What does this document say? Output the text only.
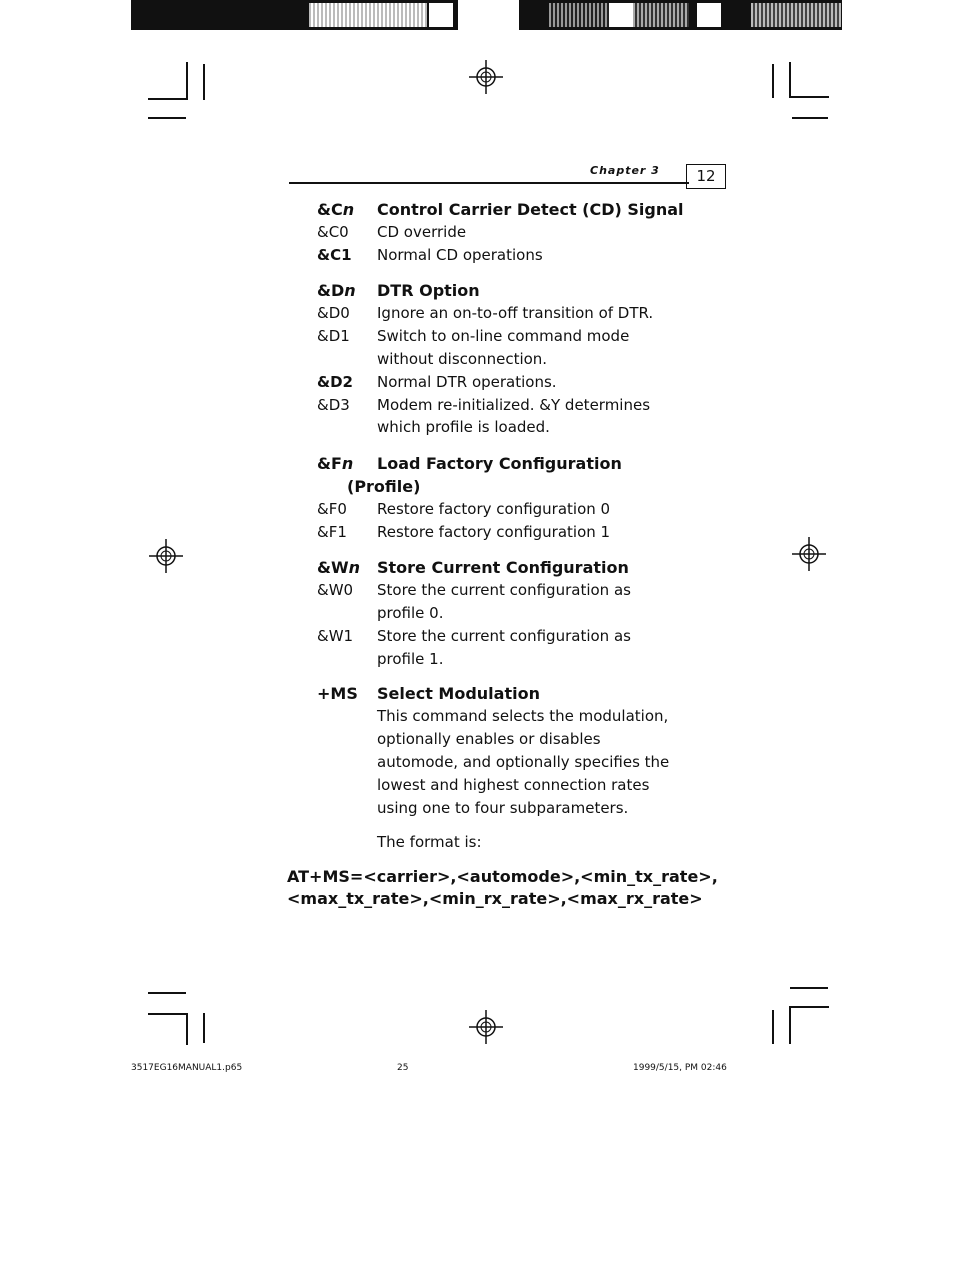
Chapter 3	12
&Cn Control Carrier Detect (CD) Signal
&C0 CD override
&C1 Normal CD operations
&Dn DTR Option
&D0 Ignore an on-to-off transition of DTR.
&D1 Switch to on-line command mode
without disconnection.
&D2 Normal DTR operations.
&D3 Modem re-initialized. &Y determines
which profile is loaded.
&Fn Load Factory Configuration
(Profile)
&F0 Restore factory configuration 0
&F1 Restore factory configuration 1
&Wn Store Current Configuration
&W0 Store the current configuration as
profile 0.
&W1 Store the current configuration as
profile 1.
+MS Select Modulation
This command selects the modulation,
optionally enables or disables
automode, and optionally specifies the
lowest and highest connection rates
using one to four subparameters.
The format is:
AT+MS=<carrier>,<automode>,<min_tx_rate>,
<max_tx_rate>,<min_rx_rate>,<max_rx_rate>
3517EG16MANUAL1.p65	25	1999/5/15, PM 02:46
